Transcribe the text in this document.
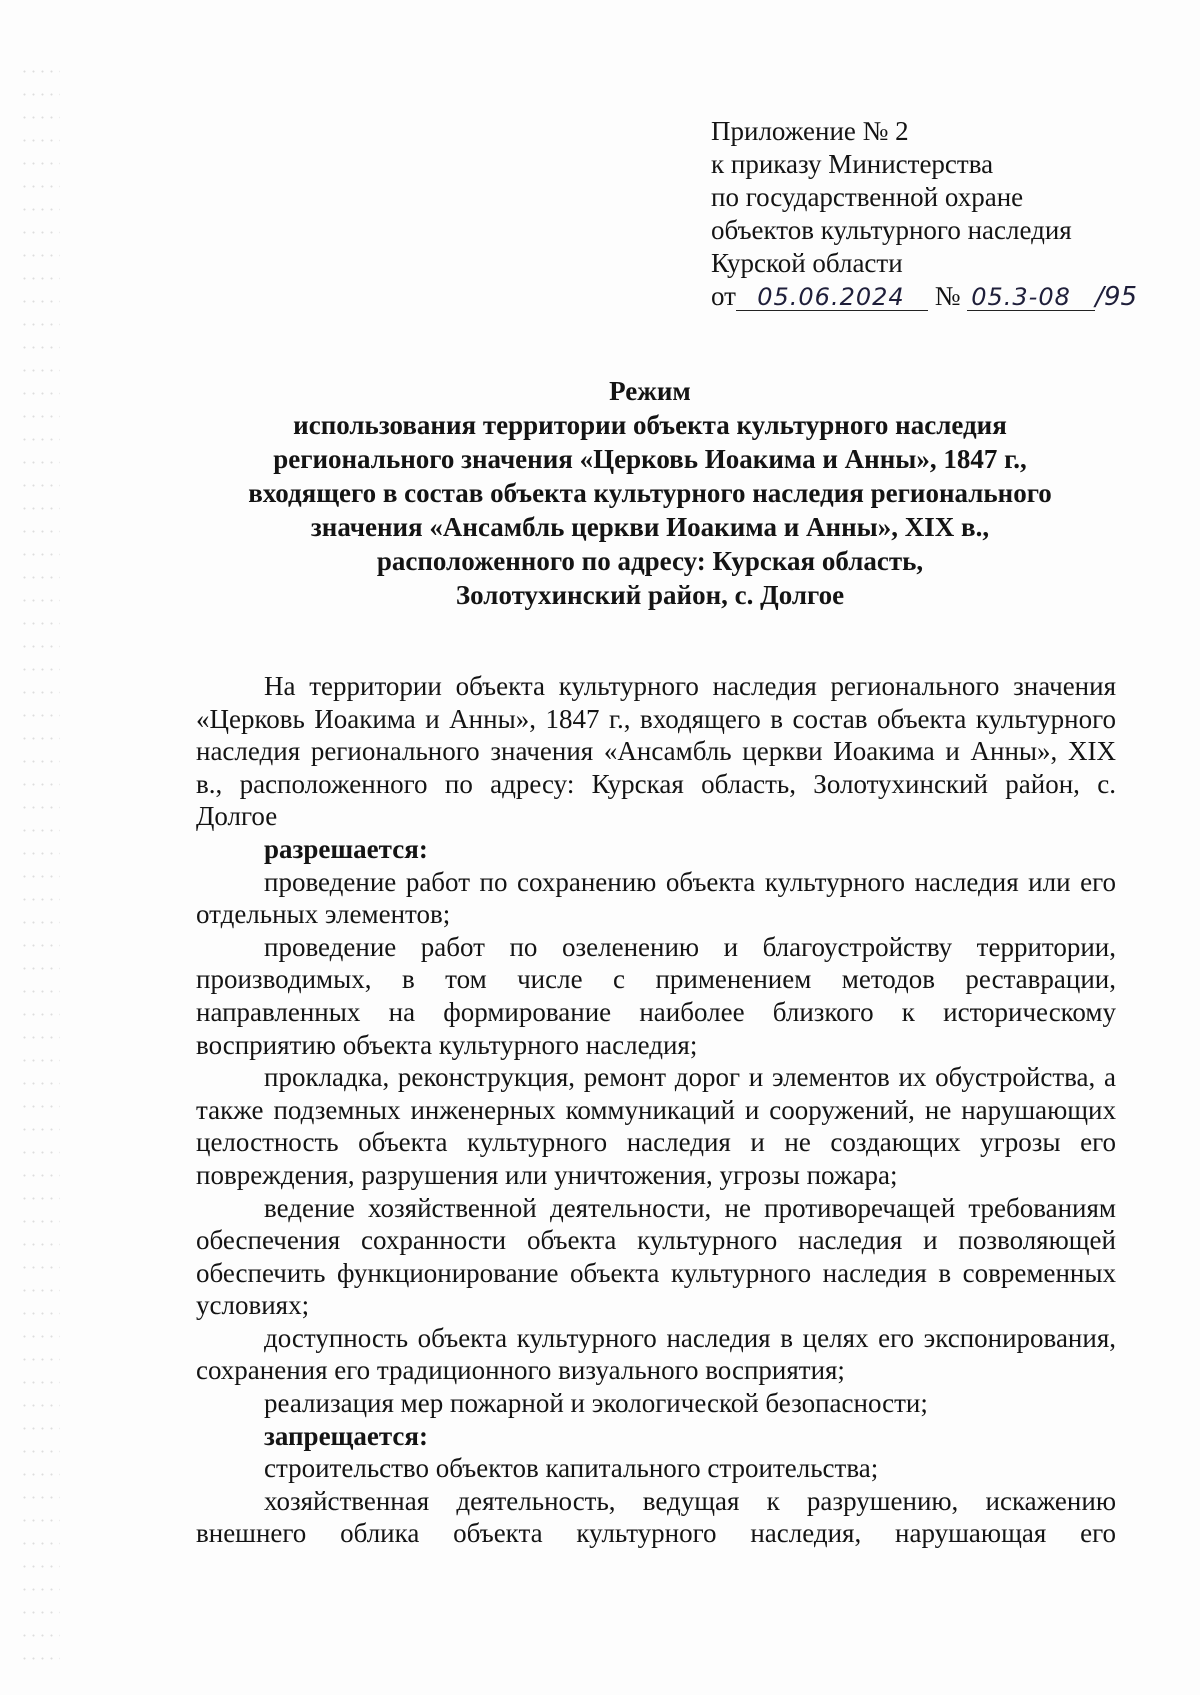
Приложение № 2
к приказу Министерства
по государственной охране
объектов культурного наследия
Курской области
от 05.06.2024 № 05.3-08 /95
Режим
использования территории объекта культурного наследия
регионального значения «Церковь Иоакима и Анны», 1847 г.,
входящего в состав объекта культурного наследия регионального
значения «Ансамбль церкви Иоакима и Анны», XIX в.,
расположенного по адресу: Курская область,
Золотухинский район, с. Долгое

На территории объекта культурного наследия регионального значения «Церковь Иоакима и Анны», 1847 г., входящего в состав объекта культурного наследия регионального значения «Ансамбль церкви Иоакима и Анны», XIX в., расположенного по адресу: Курская область, Золотухинский район, с. Долгое

разрешается:

проведение работ по сохранению объекта культурного наследия или его отдельных элементов;

проведение работ по озеленению и благоустройству территории, производимых, в том числе с применением методов реставрации, направленных на формирование наиболее близкого к историческому восприятию объекта культурного наследия;

прокладка, реконструкция, ремонт дорог и элементов их обустройства, а также подземных инженерных коммуникаций и сооружений, не нарушающих целостность объекта культурного наследия и не создающих угрозы его повреждения, разрушения или уничтожения, угрозы пожара;

ведение хозяйственной деятельности, не противоречащей требованиям обеспечения сохранности объекта культурного наследия и позволяющей обеспечить функционирование объекта культурного наследия в современных условиях;

доступность объекта культурного наследия в целях его экспонирования, сохранения его традиционного визуального восприятия;

реализация мер пожарной и экологической безопасности;

запрещается:

строительство объектов капитального строительства;

хозяйственная деятельность, ведущая к разрушению, искажению внешнего облика объекта культурного наследия, нарушающая его
